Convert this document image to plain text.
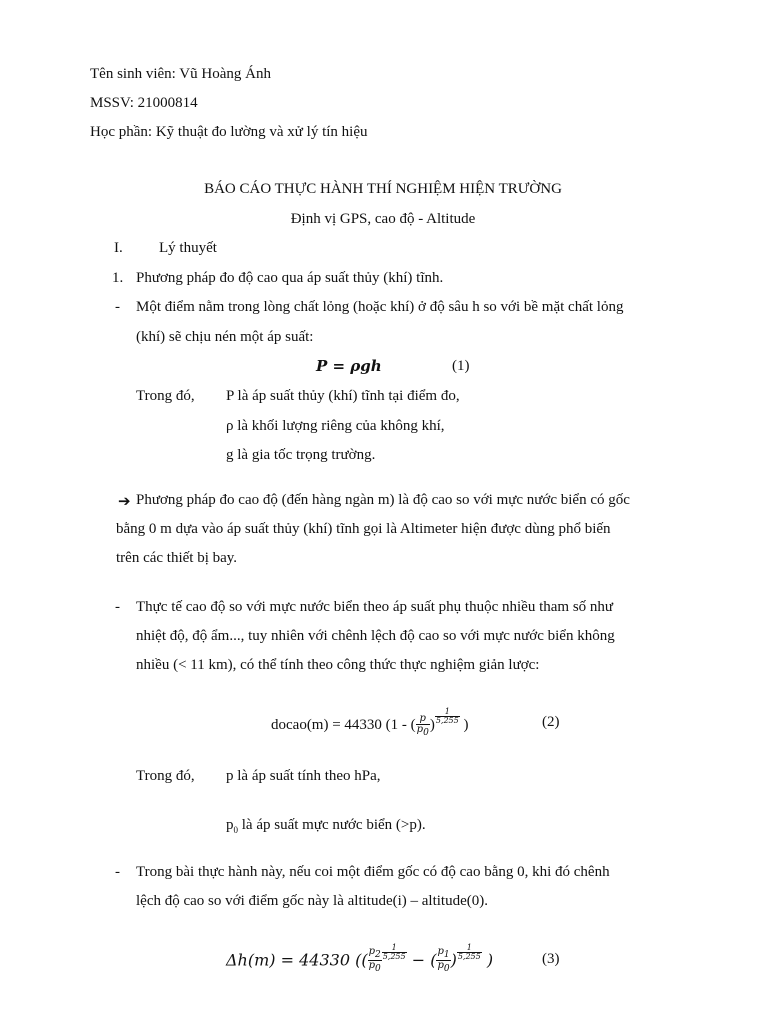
Tên sinh viên: Vũ Hoàng Ánh
MSSV: 21000814
Học phần: Kỹ thuật đo lường và xử lý tín hiệu
BÁO CÁO THỰC HÀNH THÍ NGHIỆM HIỆN TRƯỜNG
Định vị GPS, cao độ - Altitude
I. Lý thuyết
1. Phương pháp đo độ cao qua áp suất thủy (khí) tĩnh.
- Một điểm nằm trong lòng chất lỏng (hoặc khí) ở độ sâu h so với bề mặt chất lỏng
(khí) sẽ chịu nén một áp suất:
P = ρgh	(1)
Trong đó, P là áp suất thủy (khí) tĩnh tại điểm đo,
ρ là khối lượng riêng của không khí,
g là gia tốc trọng trường.
➔ Phương pháp đo cao độ (đến hàng ngàn m) là độ cao so với mực nước biển có gốc
bằng 0 m dựa vào áp suất thủy (khí) tĩnh gọi là Altimeter hiện được dùng phổ biến
trên các thiết bị bay.
- Thực tế cao độ so với mực nước biển theo áp suất phụ thuộc nhiều tham số như
nhiệt độ, độ ẩm..., tuy nhiên với chênh lệch độ cao so với mực nước biển không
nhiều (< 11 km), có thể tính theo công thức thực nghiệm giản lược:
docao(m) = 44330 (1 - ( $\frac{p}{p_0}$ ) $\frac{1}{5,255}$ )	(2)
Trong đó, p là áp suất tính theo hPa,
$p_0$ là áp suất mực nước biển (>p).
- Trong bài thực hành này, nếu coi một điểm gốc có độ cao bằng 0, khi đó chênh
lệch độ cao so với điểm gốc này là altitude(i) – altitude(0).
Δh(m) = 44330 (( $\frac{p_2}{p_0} \frac{1}{5,255}$ − ( $\frac{p_1}{p_0}$ ) $\frac{1}{5,255}$ )	(3)
